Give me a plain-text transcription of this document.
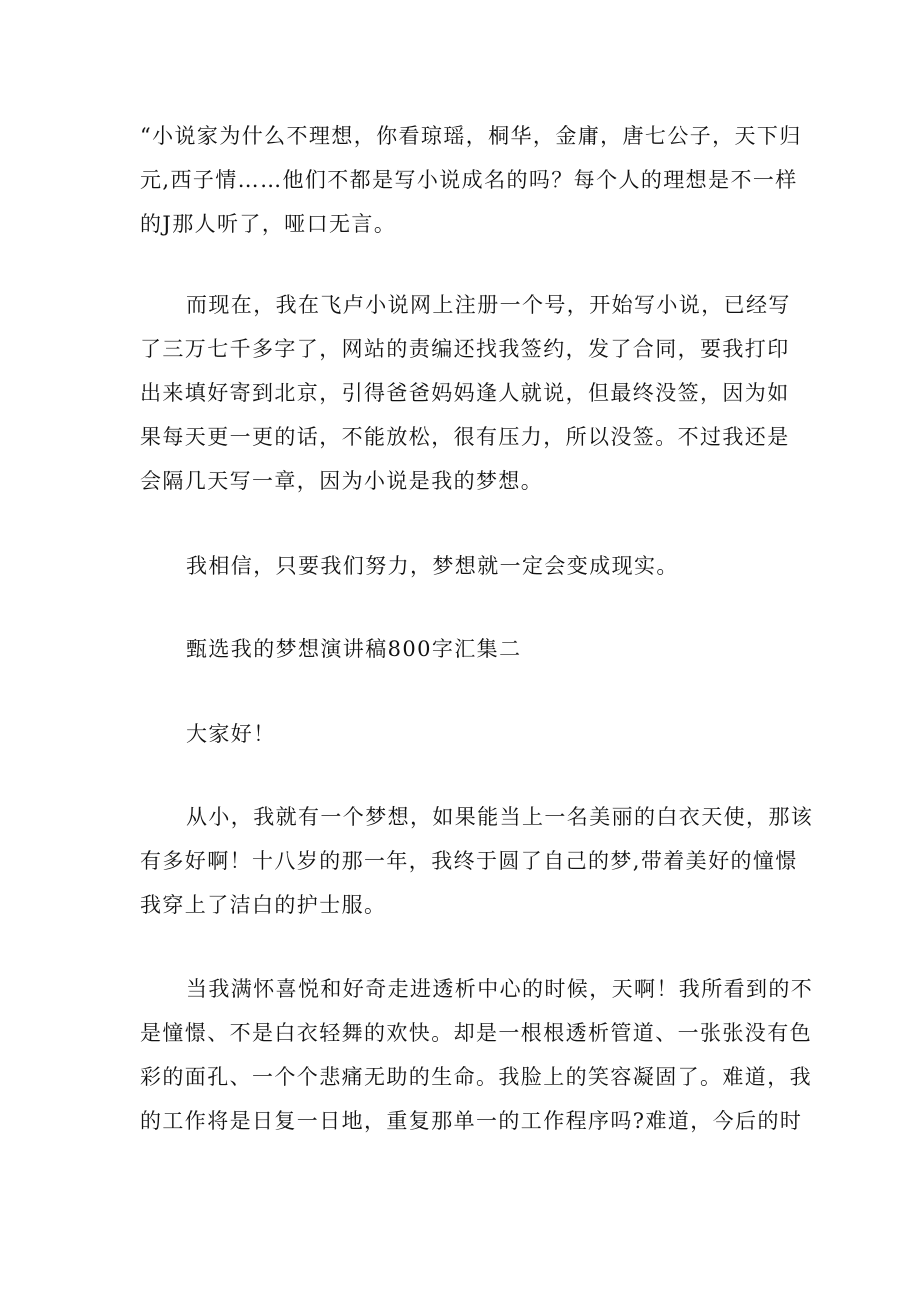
“小说家为什么不理想，你看琼瑶，桐华，金庸，唐七公子，天下归
元,西子情……他们不都是写小说成名的吗？每个人的理想是不一样
的J那人听了，哑口无言。
而现在，我在飞卢小说网上注册一个号，开始写小说，已经写
了三万七千多字了，网站的责编还找我签约，发了合同，要我打印
出来填好寄到北京，引得爸爸妈妈逢人就说，但最终没签，因为如
果每天更一更的话，不能放松，很有压力，所以没签。不过我还是
会隔几天写一章，因为小说是我的梦想。
我相信，只要我们努力，梦想就一定会变成现实。
甄选我的梦想演讲稿800字汇集二
大家好！
从小，我就有一个梦想，如果能当上一名美丽的白衣天使，那该
有多好啊！十八岁的那一年，我终于圆了自己的梦,带着美好的憧憬
我穿上了洁白的护士服。
当我满怀喜悦和好奇走进透析中心的时候，天啊！我所看到的不
是憧憬、不是白衣轻舞的欢快。却是一根根透析管道、一张张没有色
彩的面孔、一个个悲痛无助的生命。我脸上的笑容凝固了。难道，我
的工作将是日复一日地，重复那单一的工作程序吗?难道，今后的时
